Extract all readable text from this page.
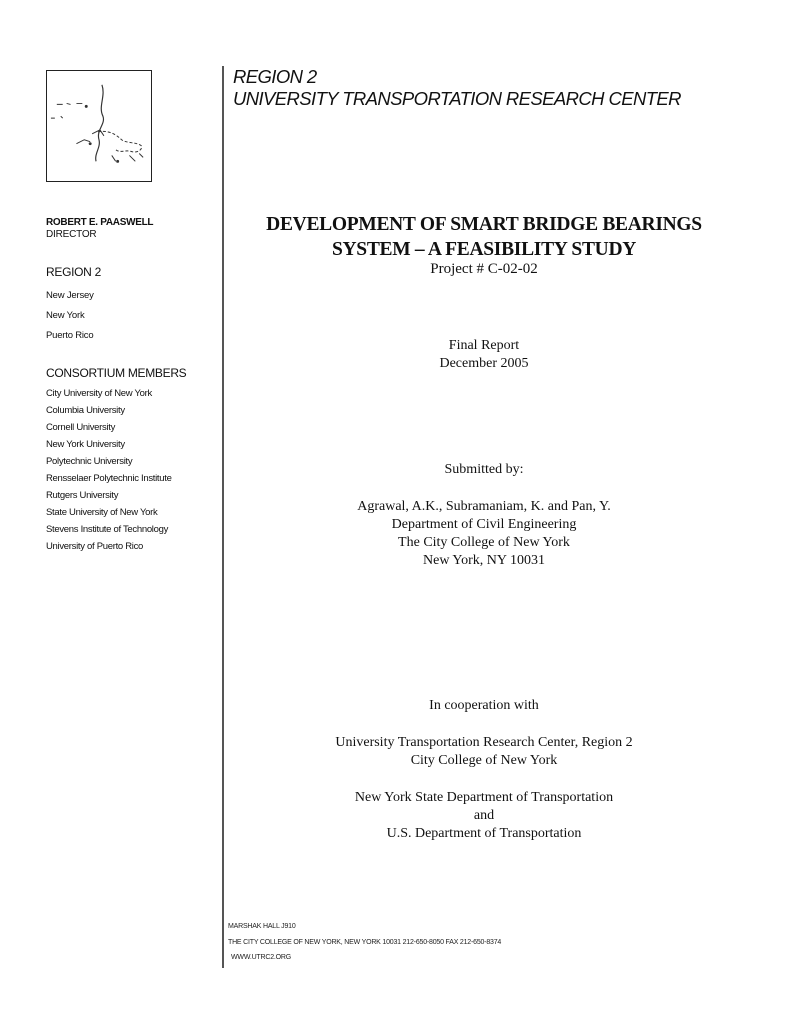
REGION 2
UNIVERSITY TRANSPORTATION RESEARCH CENTER
ROBERT E. PAASWELL
DIRECTOR
REGION 2
New Jersey
New York
Puerto Rico
CONSORTIUM MEMBERS
City University of New York
Columbia University
Cornell University
New York University
Polytechnic University
Rensselaer Polytechnic Institute
Rutgers University
State University of New York
Stevens Institute of Technology
University of Puerto Rico
DEVELOPMENT OF SMART BRIDGE BEARINGS
SYSTEM – A FEASIBILITY STUDY
Project # C-02-02
Final Report
December 2005
Submitted by:
Agrawal, A.K., Subramaniam, K. and Pan, Y.
Department of Civil Engineering
The City College of New York
New York, NY 10031
In cooperation with
University Transportation Research Center, Region 2
City College of New York
New York State Department of Transportation
and
U.S. Department of Transportation
MARSHAK HALL J910
THE CITY COLLEGE OF NEW YORK, NEW YORK 10031 212-650-8050 FAX 212-650-8374
WWW.UTRC2.ORG
